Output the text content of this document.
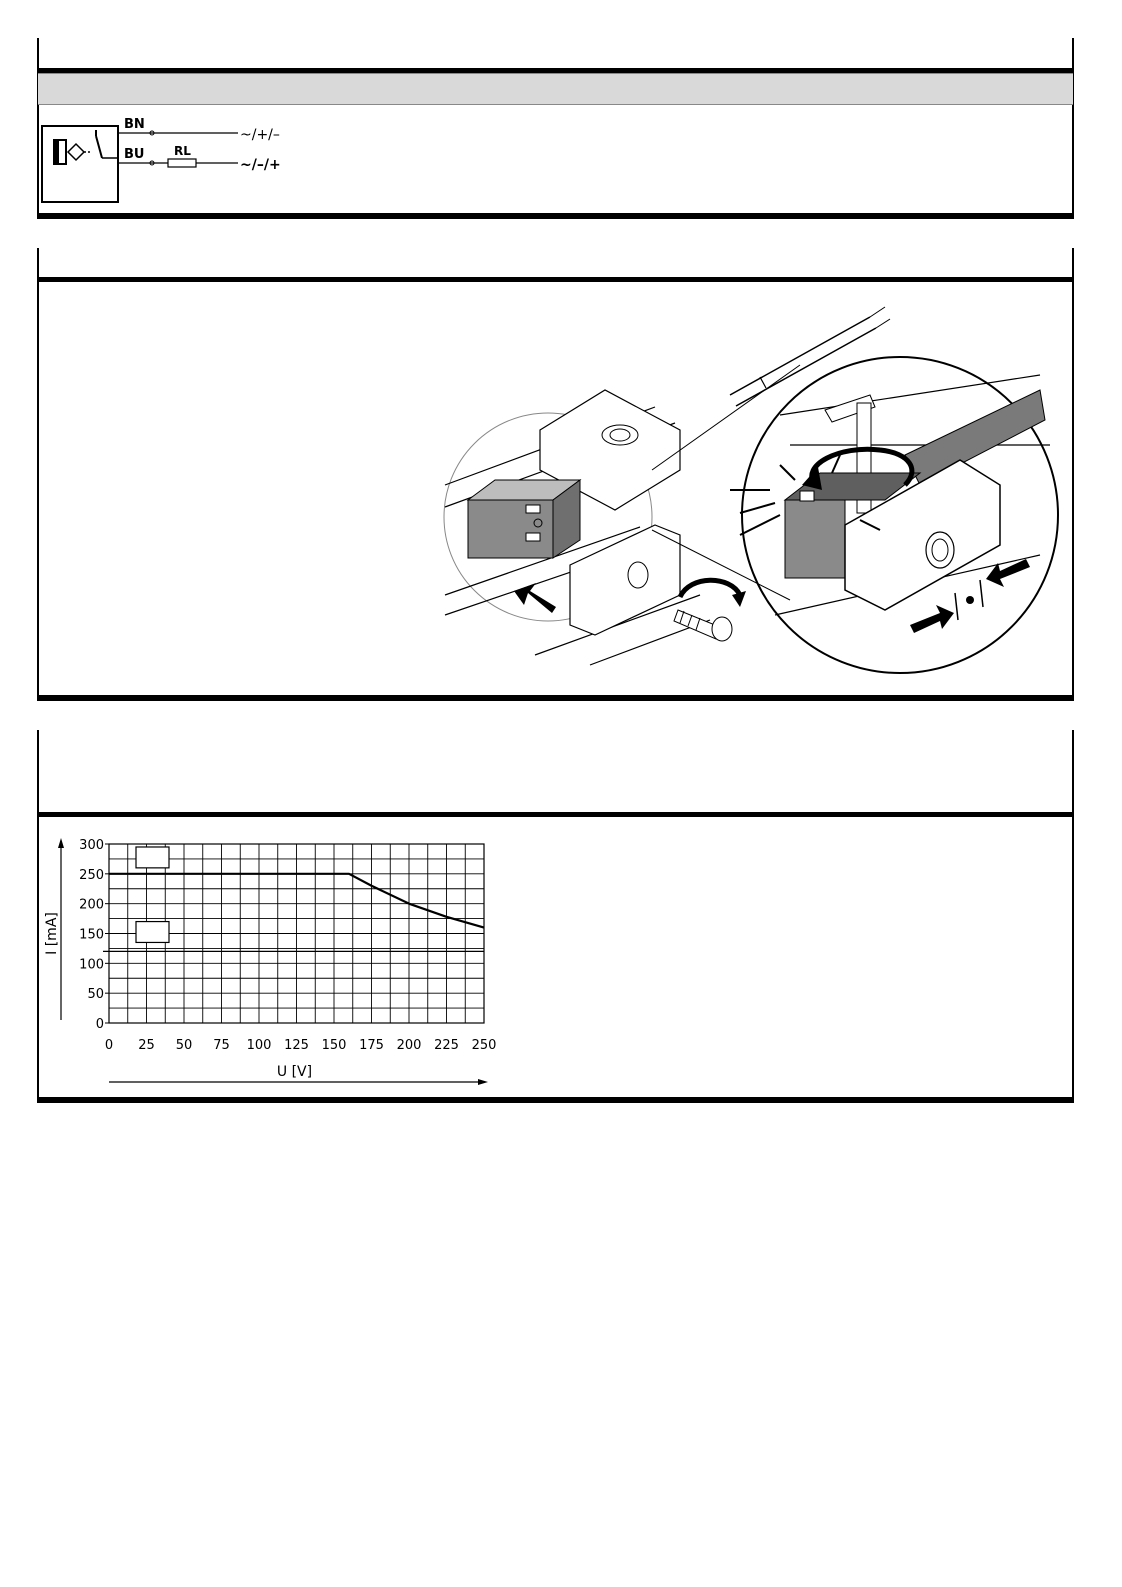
BN
BU RL
~/+/–
~/–/+
0 25 50 75 100 125 150 175 200 225 250
0
50
100
150
200
250
300
U [V]
I [mA]
